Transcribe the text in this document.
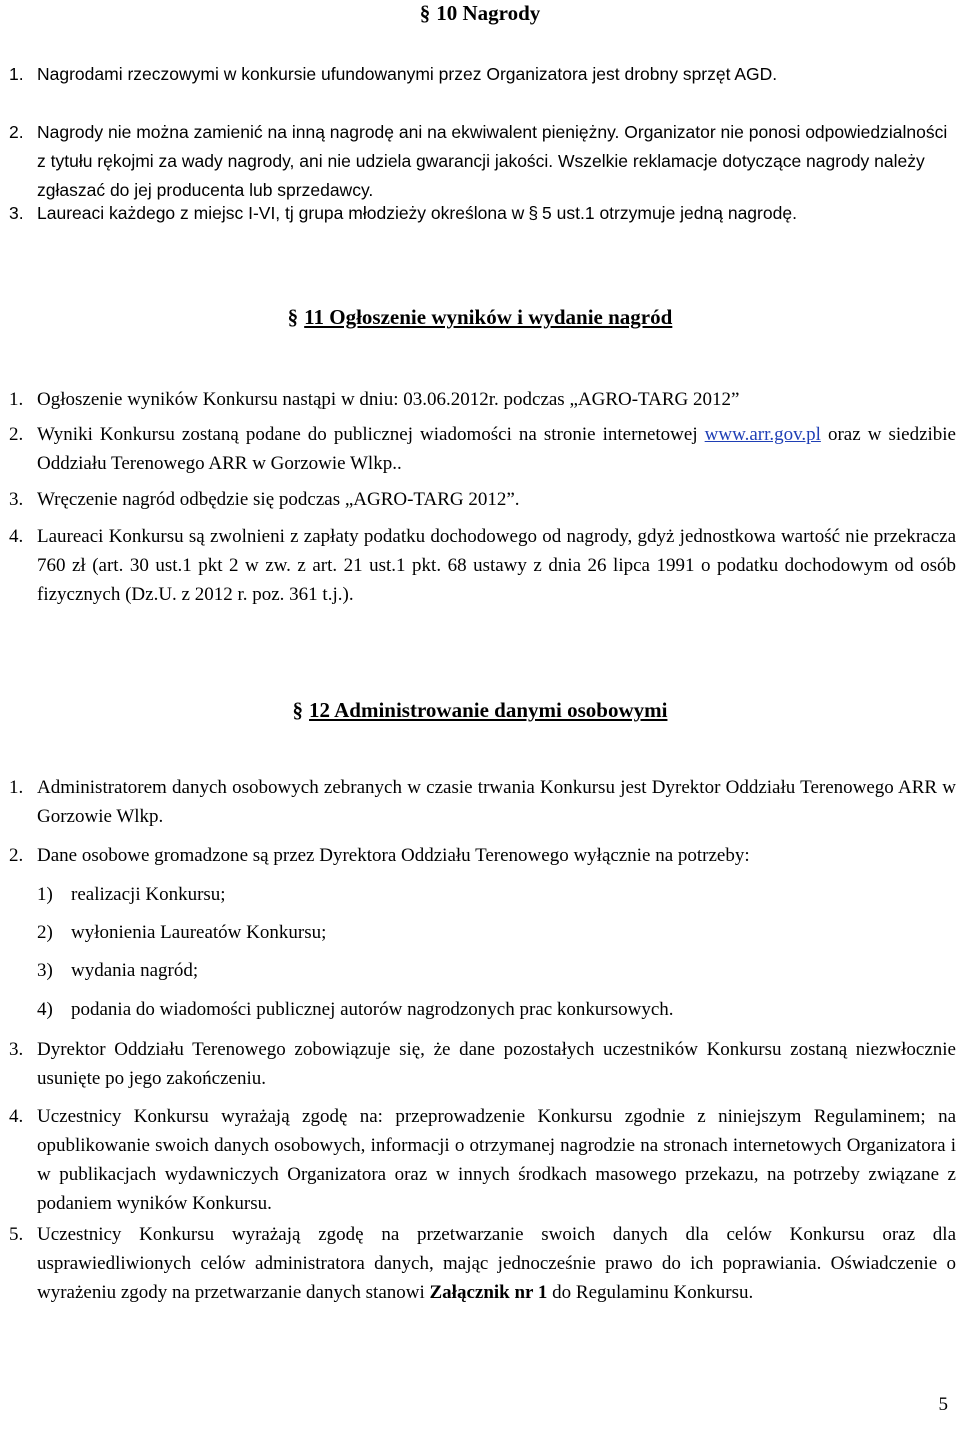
§ 10 Nagrody
1. Nagrodami rzeczowymi w konkursie ufundowanymi przez Organizatora jest drobny sprzęt AGD.
2. Nagrody nie można zamienić na inną nagrodę ani na ekwiwalent pieniężny. Organizator nie ponosi odpowiedzialności z tytułu rękojmi za wady nagrody, ani nie udziela gwarancji jakości. Wszelkie reklamacje dotyczące nagrody należy zgłaszać do jej producenta lub sprzedawcy.
3. Laureaci każdego z miejsc I-VI, tj grupa młodzieży określona w § 5 ust.1 otrzymuje jedną nagrodę.
§ 11 Ogłoszenie wyników i wydanie nagród
1. Ogłoszenie wyników Konkursu nastąpi w dniu: 03.06.2012r. podczas „AGRO-TARG 2012”
2. Wyniki Konkursu zostaną podane do publicznej wiadomości na stronie internetowej www.arr.gov.pl oraz w siedzibie Oddziału Terenowego ARR w Gorzowie Wlkp..
3. Wręczenie nagród odbędzie się podczas „AGRO-TARG 2012”.
4. Laureaci Konkursu są zwolnieni z zapłaty podatku dochodowego od nagrody, gdyż jednostkowa wartość nie przekracza 760 zł (art. 30 ust.1 pkt 2 w zw. z art. 21 ust.1 pkt. 68 ustawy z dnia 26 lipca 1991 o podatku dochodowym od osób fizycznych (Dz.U. z 2012 r. poz. 361 t.j.).
§ 12 Administrowanie danymi osobowymi
1. Administratorem danych osobowych zebranych w czasie trwania Konkursu jest Dyrektor Oddziału Terenowego ARR w Gorzowie Wlkp.
2. Dane osobowe gromadzone są przez Dyrektora Oddziału Terenowego wyłącznie na potrzeby:
1) realizacji Konkursu;
2) wyłonienia Laureatów Konkursu;
3) wydania nagród;
4) podania do wiadomości publicznej autorów nagrodzonych prac konkursowych.
3. Dyrektor Oddziału Terenowego zobowiązuje się, że dane pozostałych uczestników Konkursu zostaną niezwłocznie usunięte po jego zakończeniu.
4. Uczestnicy Konkursu wyrażają zgodę na: przeprowadzenie Konkursu zgodnie z niniejszym Regulaminem; na opublikowanie swoich danych osobowych, informacji o otrzymanej nagrodzie na stronach internetowych Organizatora i w publikacjach wydawniczych Organizatora oraz w innych środkach masowego przekazu, na potrzeby związane z podaniem wyników Konkursu.
5. Uczestnicy Konkursu wyrażają zgodę na przetwarzanie swoich danych dla celów Konkursu oraz dla usprawiedliwionych celów administratora danych, mając jednocześnie prawo do ich poprawiania. Oświadczenie o wyrażeniu zgody na przetwarzanie danych stanowi Załącznik nr 1 do Regulaminu Konkursu.
5
